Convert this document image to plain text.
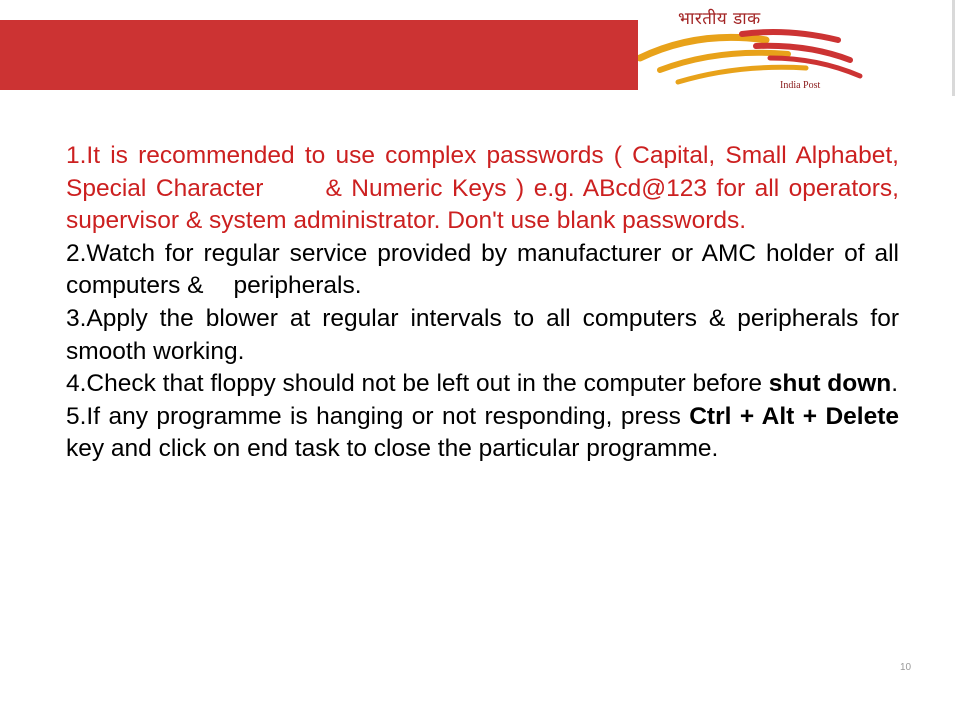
भारतीय डाक
India Post

1.It is recommended to use complex passwords ( Capital, Small Alphabet, Special Character	& Numeric Keys ) e.g. ABcd@123 for all operators, supervisor & system administrator. Don't use blank passwords.

2.Watch for regular service provided by manufacturer or AMC holder of all computers & peripherals.

3.Apply the blower at regular intervals to all computers & peripherals for smooth working.

4.Check that floppy should not be left out in the computer before shut down.

5.If any programme is hanging or not responding, press Ctrl + Alt + Delete key and click on end task to close the particular programme.

10
